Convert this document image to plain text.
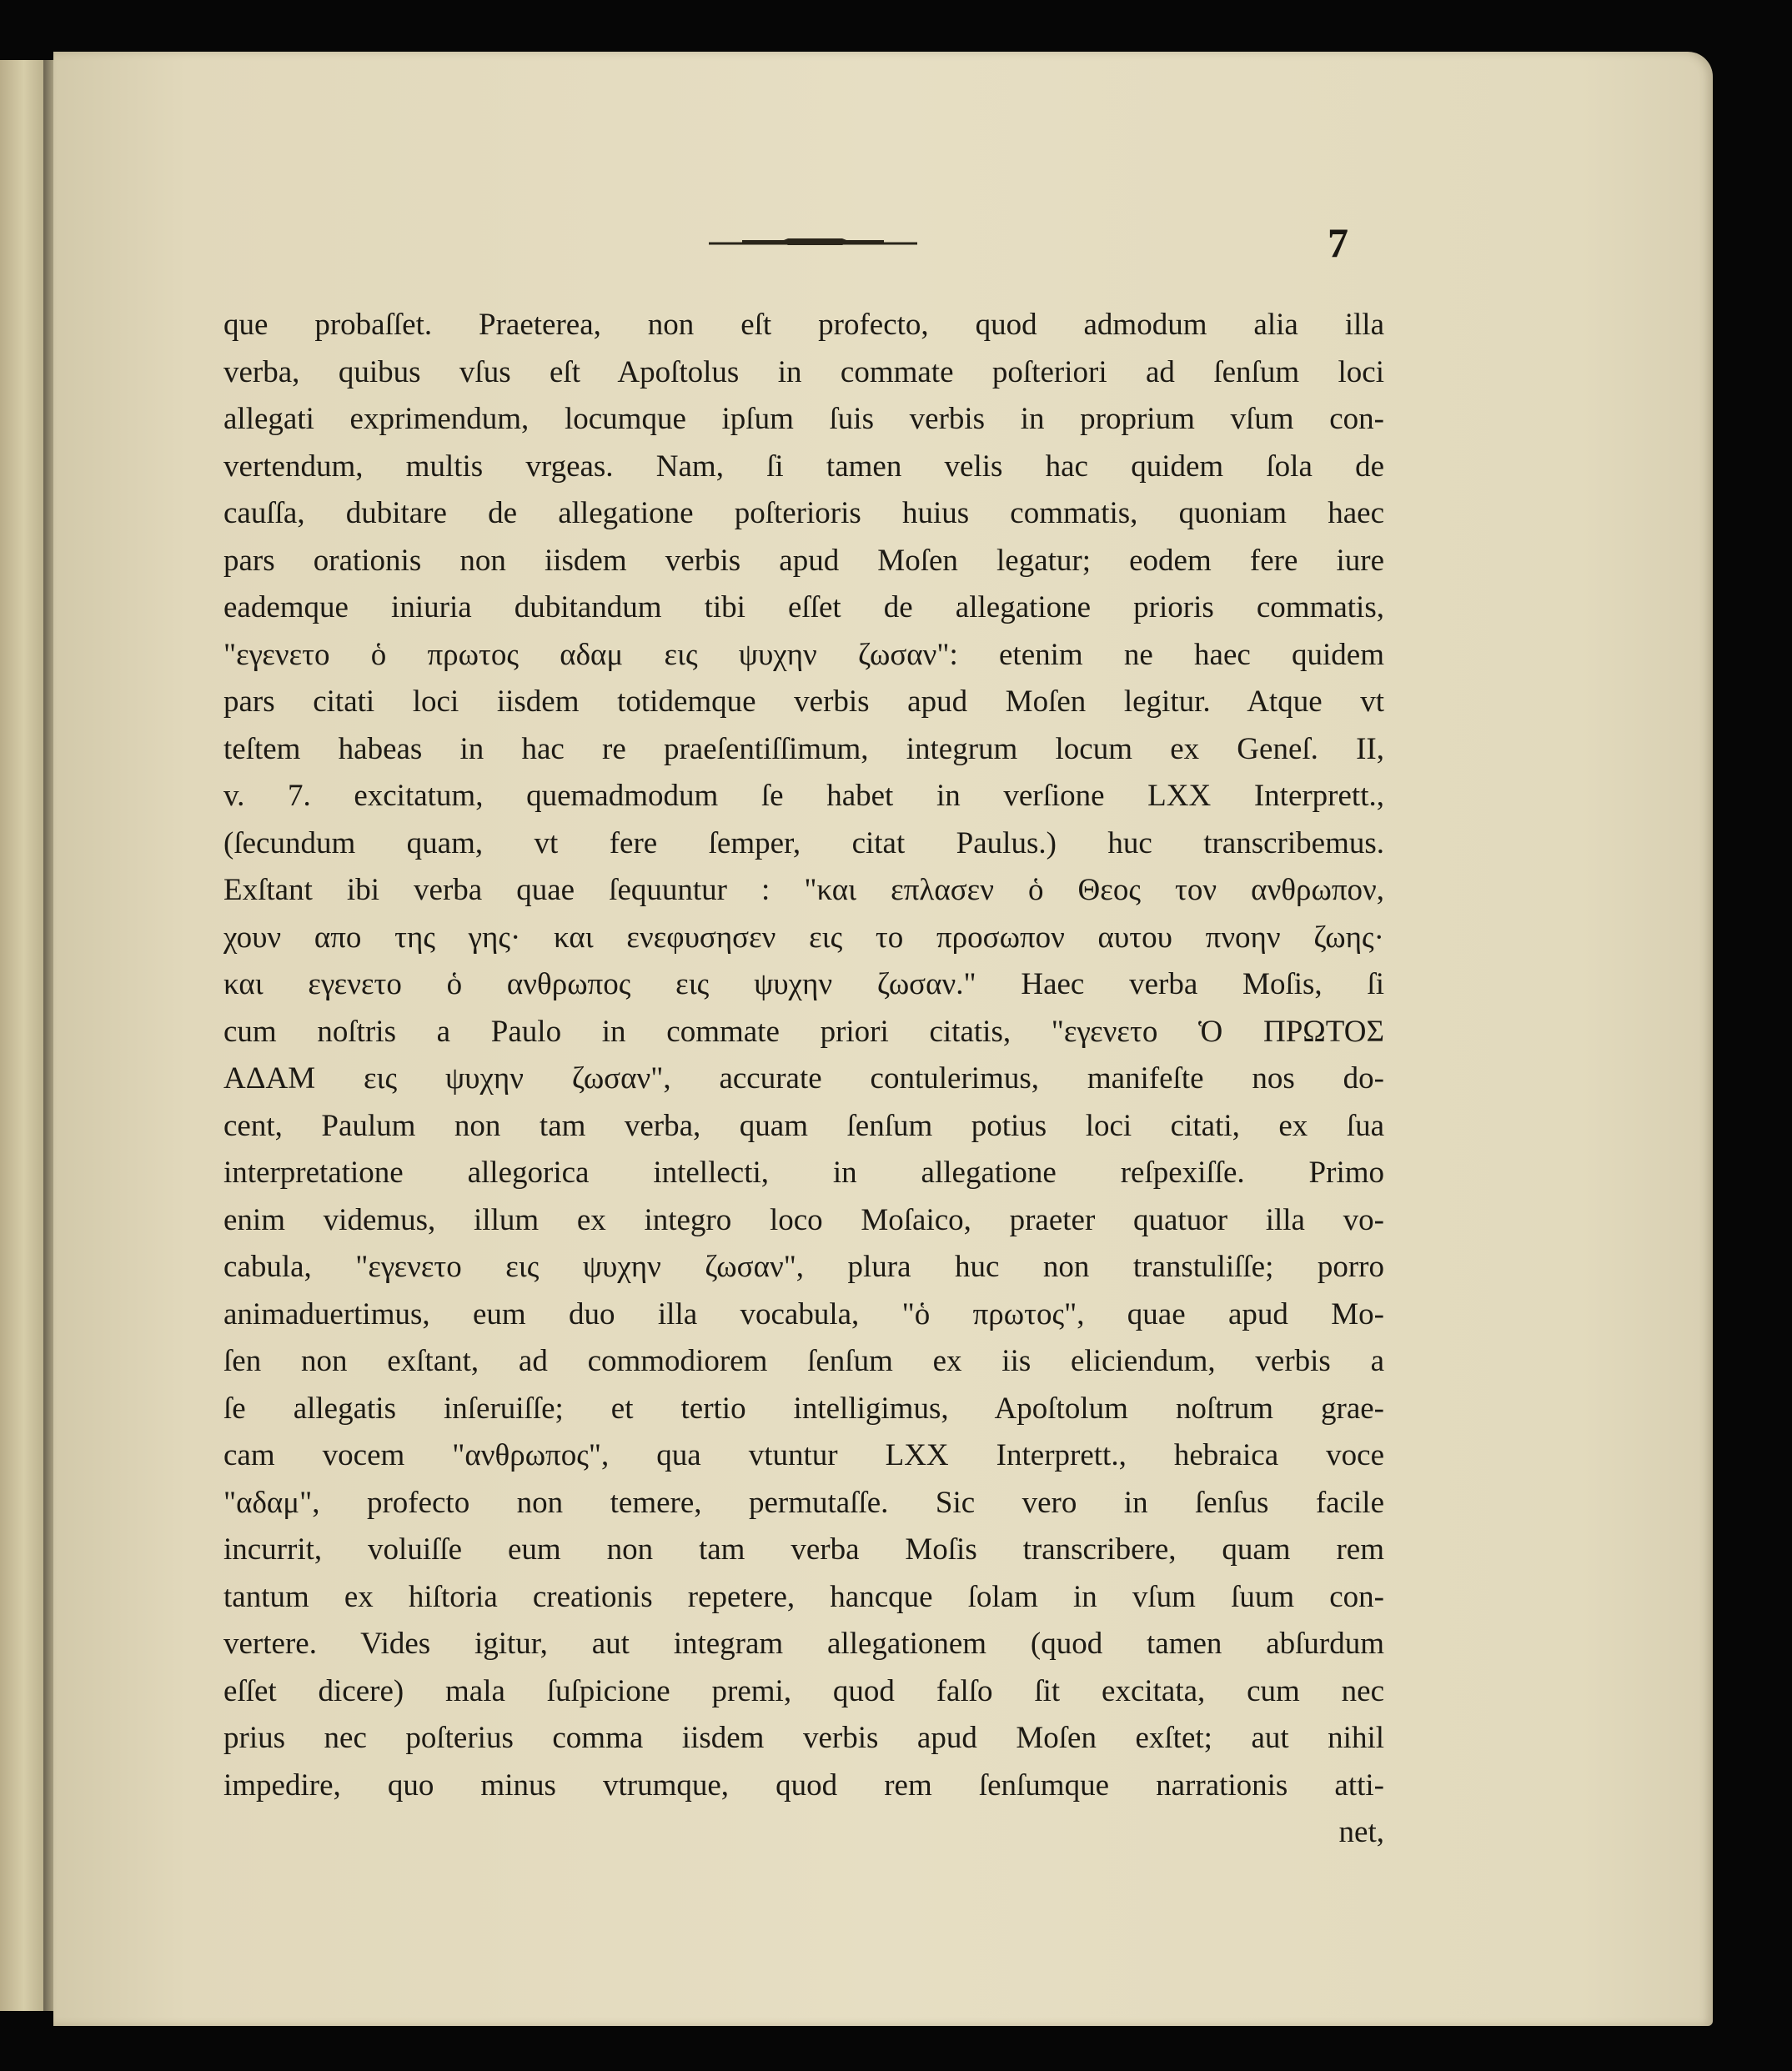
7
que probaſſet. Praeterea, non eſt profecto, quod admodum alia illa
verba, quibus vſus eſt Apoſtolus in commate poſteriori ad ſenſum loci
allegati exprimendum, locumque ipſum ſuis verbis in proprium vſum con-
vertendum, multis vrgeas. Nam, ſi tamen velis hac quidem ſola de
cauſſa, dubitare de allegatione poſterioris huius commatis, quoniam haec
pars orationis non iisdem verbis apud Moſen legatur; eodem fere iure
eademque iniuria dubitandum tibi eſſet de allegatione prioris commatis,
"εγενετο ὁ πρωτος αδαμ εις ψυχην ζωσαν": etenim ne haec quidem
pars citati loci iisdem totidemque verbis apud Moſen legitur. Atque vt
teſtem habeas in hac re praeſentiſſimum, integrum locum ex Geneſ. II,
v. 7. excitatum, quemadmodum ſe habet in verſione LXX Interprett.,
(ſecundum quam, vt fere ſemper, citat Paulus.) huc transcribemus.
Exſtant ibi verba quae ſequuntur : "και επλασεν ὁ Θεος τον ανθρωπον,
χουν απο της γης· και ενεφυσησεν εις το προσωπον αυτου πνοην ζωης·
και εγενετο ὁ ανθρωπος εις ψυχην ζωσαν." Haec verba Moſis, ſi
cum noſtris a Paulo in commate priori citatis, "εγενετο Ὁ ΠΡΩΤΟΣ
ΑΔΑΜ εις ψυχην ζωσαν", accurate contulerimus, manifeſte nos do-
cent, Paulum non tam verba, quam ſenſum potius loci citati, ex ſua
interpretatione allegorica intellecti, in allegatione reſpexiſſe. Primo
enim videmus, illum ex integro loco Moſaico, praeter quatuor illa vo-
cabula, "εγενετο εις ψυχην ζωσαν", plura huc non transtuliſſe; porro
animaduertimus, eum duo illa vocabula, "ὁ πρωτος", quae apud Mo-
ſen non exſtant, ad commodiorem ſenſum ex iis eliciendum, verbis a
ſe allegatis inſeruiſſe; et tertio intelligimus, Apoſtolum noſtrum grae-
cam vocem "ανθρωπος", qua vtuntur LXX Interprett., hebraica voce
"αδαμ", profecto non temere, permutaſſe. Sic vero in ſenſus facile
incurrit, voluiſſe eum non tam verba Moſis transcribere, quam rem
tantum ex hiſtoria creationis repetere, hancque ſolam in vſum ſuum con-
vertere. Vides igitur, aut integram allegationem (quod tamen abſurdum
eſſet dicere) mala ſuſpicione premi, quod falſo ſit excitata, cum nec
prius nec poſterius comma iisdem verbis apud Moſen exſtet; aut nihil
impedire, quo minus vtrumque, quod rem ſenſumque narrationis atti-
net,
